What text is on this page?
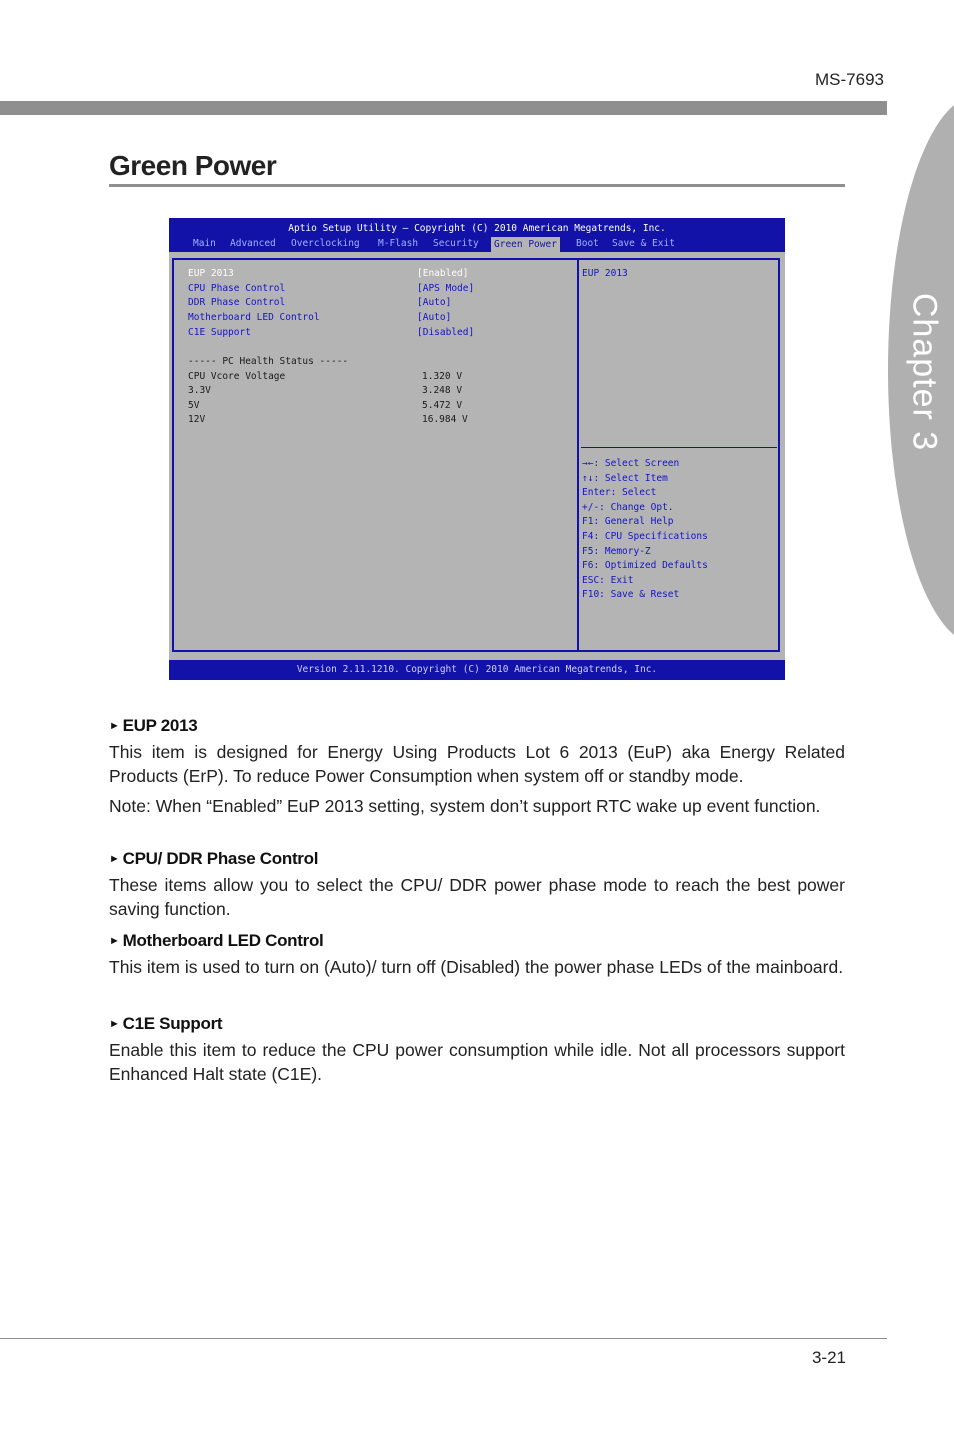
MS-7693
Chapter 3
Green Power
Aptio Setup Utility – Copyright (C) 2010 American Megatrends, Inc.
Main Advanced Overclocking M-Flash Security	Green Power	Boot Save & Exit
EUP 2013	[Enabled]
CPU Phase Control	[APS Mode]
DDR Phase Control	[Auto]
Motherboard LED Control	[Auto]
C1E Support	[Disabled]
----- PC Health Status -----
CPU Vcore Voltage	1.320 V
3.3V	3.248 V
5V	5.472 V
12V	16.984 V
EUP 2013
→←: Select Screen
↑↓: Select Item
Enter: Select
+/-: Change Opt.
F1: General Help
F4: CPU Specifications
F5: Memory-Z
F6: Optimized Defaults
ESC: Exit
F10: Save & Reset
Version 2.11.1210. Copyright (C) 2010 American Megatrends, Inc.
► EUP 2013
This item is designed for Energy Using Products Lot 6 2013 (EuP) aka Energy Related Products (ErP). To reduce Power Consumption when system off or standby mode.
Note: When “Enabled” EuP 2013 setting, system don’t support RTC wake up event function.
► CPU/ DDR Phase Control
These items allow you to select the CPU/ DDR power phase mode to reach the best power saving function.
► Motherboard LED Control
This item is used to turn on (Auto)/ turn off (Disabled) the power phase LEDs of the mainboard.
► C1E Support
Enable this item to reduce the CPU power consumption while idle. Not all processors support Enhanced Halt state (C1E).
3-21
